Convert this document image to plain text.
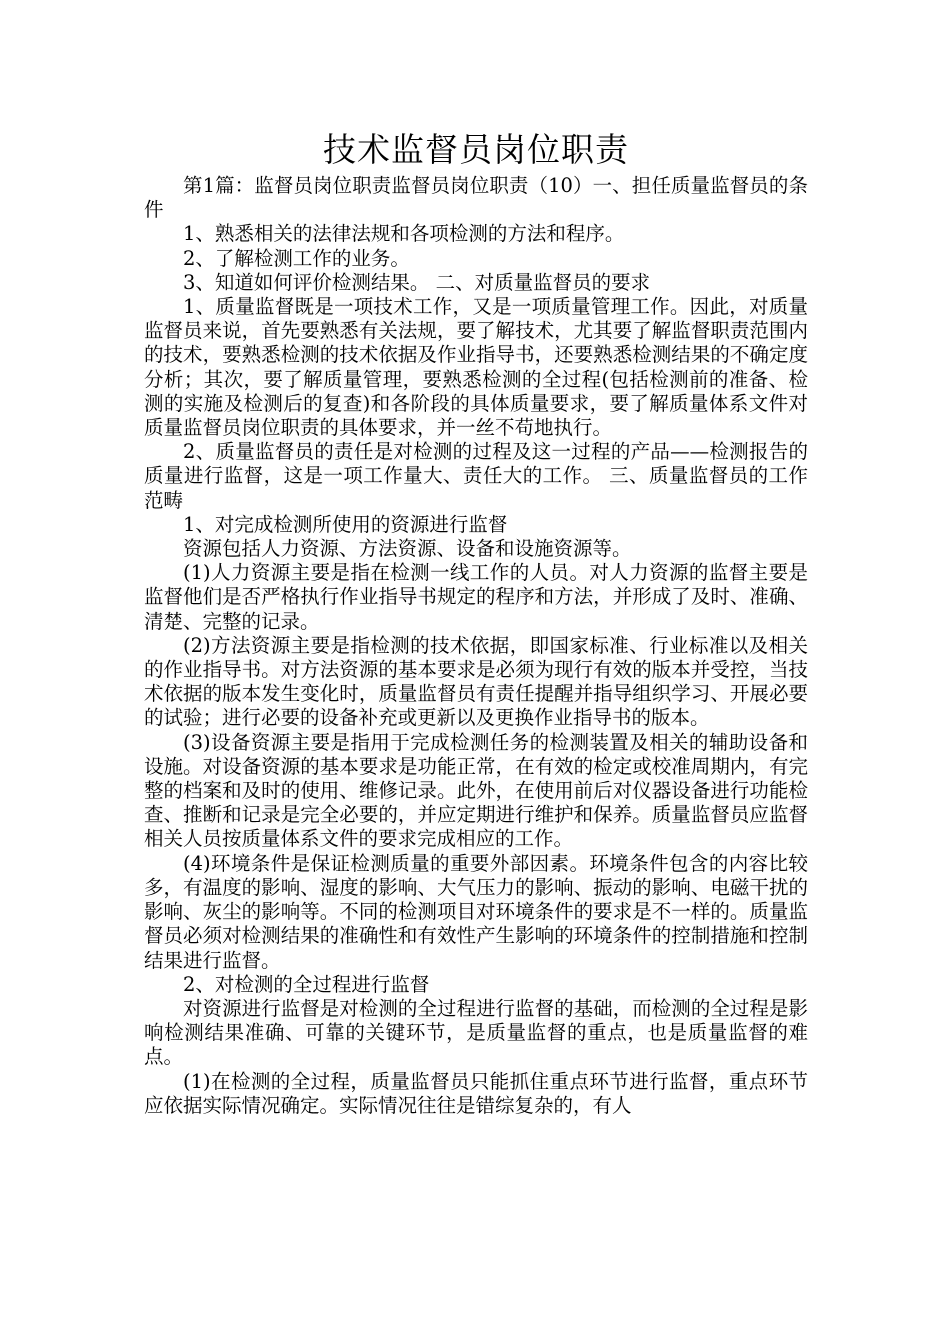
技术监督员岗位职责

第1篇：监督员岗位职责监督员岗位职责（10）一、担任质量监督员的条件

1、熟悉相关的法律法规和各项检测的方法和程序。

2、了解检测工作的业务。

3、知道如何评价检测结果。 二、对质量监督员的要求

1、质量监督既是一项技术工作，又是一项质量管理工作。因此，对质量监督员来说，首先要熟悉有关法规，要了解技术，尤其要了解监督职责范围内的技术，要熟悉检测的技术依据及作业指导书，还要熟悉检测结果的不确定度分析；其次，要了解质量管理，要熟悉检测的全过程(包括检测前的准备、检测的实施及检测后的复查)和各阶段的具体质量要求，要了解质量体系文件对质量监督员岗位职责的具体要求，并一丝不苟地执行。

2、质量监督员的责任是对检测的过程及这一过程的产品——检测报告的质量进行监督，这是一项工作量大、责任大的工作。 三、质量监督员的工作范畴

1、对完成检测所使用的资源进行监督

资源包括人力资源、方法资源、设备和设施资源等。

(1)人力资源主要是指在检测一线工作的人员。对人力资源的监督主要是监督他们是否严格执行作业指导书规定的程序和方法，并形成了及时、准确、清楚、完整的记录。

(2)方法资源主要是指检测的技术依据，即国家标准、行业标准以及相关的作业指导书。对方法资源的基本要求是必须为现行有效的版本并受控，当技术依据的版本发生变化时，质量监督员有责任提醒并指导组织学习、开展必要的试验；进行必要的设备补充或更新以及更换作业指导书的版本。

(3)设备资源主要是指用于完成检测任务的检测装置及相关的辅助设备和设施。对设备资源的基本要求是功能正常，在有效的检定或校准周期内，有完整的档案和及时的使用、维修记录。此外，在使用前后对仪器设备进行功能检查、推断和记录是完全必要的，并应定期进行维护和保养。质量监督员应监督相关人员按质量体系文件的要求完成相应的工作。

(4)环境条件是保证检测质量的重要外部因素。环境条件包含的内容比较多，有温度的影响、湿度的影响、大气压力的影响、振动的影响、电磁干扰的影响、灰尘的影响等。不同的检测项目对环境条件的要求是不一样的。质量监督员必须对检测结果的准确性和有效性产生影响的环境条件的控制措施和控制结果进行监督。

2、对检测的全过程进行监督

对资源进行监督是对检测的全过程进行监督的基础，而检测的全过程是影响检测结果准确、可靠的关键环节，是质量监督的重点，也是质量监督的难点。

(1)在检测的全过程，质量监督员只能抓住重点环节进行监督，重点环节应依据实际情况确定。实际情况往往是错综复杂的，有人
